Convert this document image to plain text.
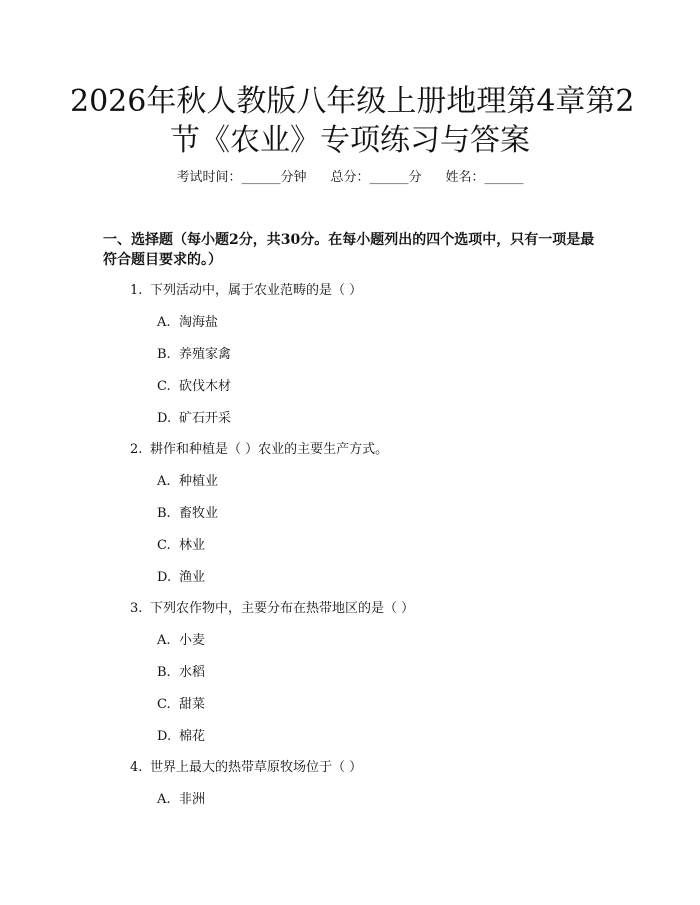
2026年秋人教版八年级上册地理第4章第2
节《农业》专项练习与答案
考试时间：______分钟 总分：______分 姓名：______

一、选择题（每小题2分，共30分。在每小题列出的四个选项中，只有一项是最符合题目要求的。）

1. 下列活动中，属于农业范畴的是（ ）
A. 淘海盐
B. 养殖家禽
C. 砍伐木材
D. 矿石开采
2. 耕作和种植是（ ）农业的主要生产方式。
A. 种植业
B. 畜牧业
C. 林业
D. 渔业
3. 下列农作物中，主要分布在热带地区的是（ ）
A. 小麦
B. 水稻
C. 甜菜
D. 棉花
4. 世界上最大的热带草原牧场位于（ ）
A. 非洲
